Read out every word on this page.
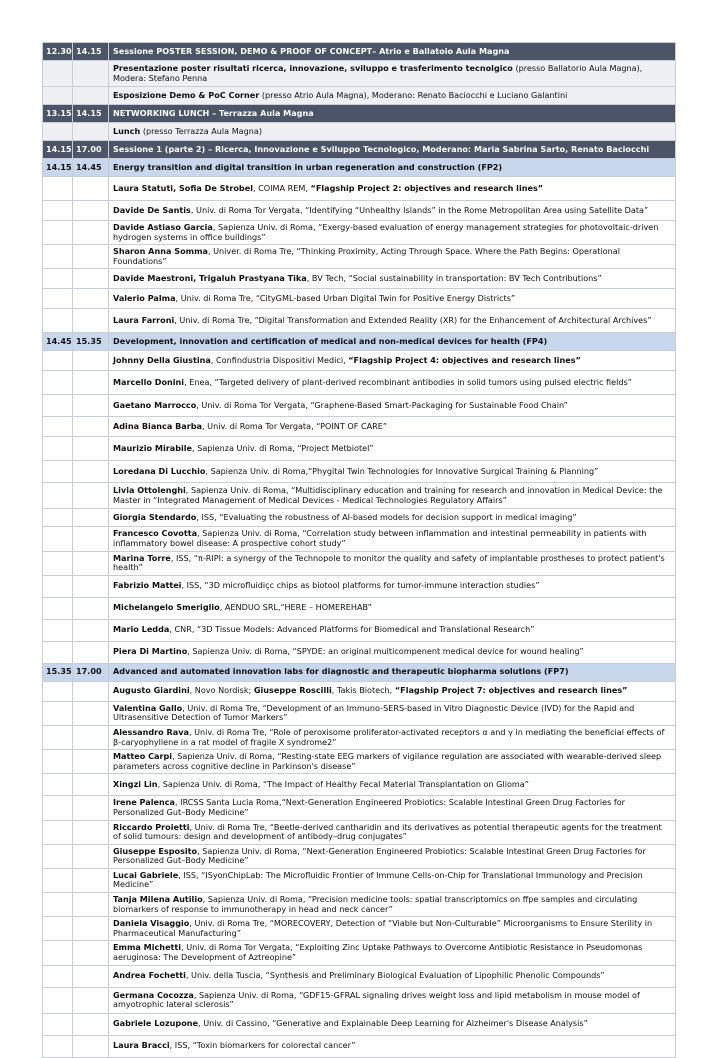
12.30	14.15	Sessione POSTER SESSION, DEMO & PROOF OF CONCEPT– Atrio e Ballatoio Aula Magna
		Presentazione poster risultati ricerca, innovazione, sviluppo e trasferimento tecnolgico (presso Ballatorio Aula Magna), Modera: Stefano Penna
		Esposizione Demo & PoC Corner (presso Atrio Aula Magna), Moderano: Renato Baciocchi e Luciano Galantini
13.15	14.15	NETWORKING LUNCH – Terrazza Aula Magna
		Lunch (presso Terrazza Aula Magna)
14.15	17.00	Sessione 1 (parte 2) – Ricerca, Innovazione e Sviluppo Tecnologico, Moderano: Maria Sabrina Sarto, Renato Baciocchi
14.15	14.45	Energy transition and digital transition in urban regeneration and construction (FP2)
		Laura Statuti, Sofia De Strobel, COIMA REM, “Flagship Project 2: objectives and research lines”
		Davide De Santis, Univ. di Roma Tor Vergata, “Identifying “Unhealthy Islands” in the Rome Metropolitan Area using Satellite Data”
		Davide Astiaso Garcia, Sapienza Univ. di Roma, “Exergy-based evaluation of energy management strategies for photovoltaic-driven hydrogen systems in office buildings”
		Sharon Anna Somma, Univer. di Roma Tre, “Thinking Proximity, Acting Through Space. Where the Path Begins: Operational Foundations”
		Davide Maestroni, Trigaluh Prastyana Tika, BV Tech, “Social sustainability in transportation: BV Tech Contributions”
		Valerio Palma, Univ. di Roma Tre, “CityGML-based Urban Digital Twin for Positive Energy Districts”
		Laura Farroni, Univ. di Roma Tre, “Digital Transformation and Extended Reality (XR) for the Enhancement of Architectural Archives”
14.45	15.35	Development, innovation and certification of medical and non-medical devices for health (FP4)
		Johnny Della Giustina, Confindustria Dispositivi Medici, “Flagship Project 4: objectives and research lines”
		Marcello Donini, Enea, “Targeted delivery of plant-derived recombinant antibodies in solid tumors using pulsed electric fields”
		Gaetano Marrocco, Univ. di Roma Tor Vergata, “Graphene-Based Smart-Packaging for Sustainable Food Chain”
		Adina Bianca Barba, Univ. di Roma Tor Vergata, “POINT OF CARE”
		Maurizio Mirabile, Sapienza Univ. di Roma, “Project Metbiotel”
		Loredana Di Lucchio, Sapienza Univ. di Roma,“Phygital Twin Technologies for Innovative Surgical Training & Planning”
		Livia Ottolenghi, Sapienza Univ. di Roma, “Multidisciplinary education and training for research and innovation in Medical Device: the Master in “Integrated Management of Medical Devices - Medical Technologies Regulatory Affairs”
		Giorgia Stendardo, ISS, “Evaluating the robustness of AI-based models for decision support in medical imaging”
		Francesco Covotta, Sapienza Univ. di Roma, “Correlation study between inflammation and intestinal permeability in patients with inflammatory bowel disease: A prospective cohort study”
		Marina Torre, ISS, “π-RIPI: a synergy of the Technopole to monitor the quality and safety of implantable prostheses to protect patient's health”
		Fabrizio Mattei, ISS, “3D microfluidiçc chips as biotool platforms for tumor-immune interaction studies”
		Michelangelo Smeriglio, AENDUO SRL,“HERE – HOMEREHAB”
		Mario Ledda, CNR, “3D Tissue Models: Advanced Platforms for Biomedical and Translational Research”
		Piera Di Martino, Sapienza Univ. di Roma, “SPYDE: an original multicompenent medical device for wound healing”
15.35	17.00	Advanced and automated innovation labs for diagnostic and therapeutic biopharma solutions (FP7)
		Augusto Giardini, Novo Nordisk; Giuseppe Roscilli, Takis Biotech, “Flagship Project 7: objectives and research lines”
		Valentina Gallo, Univ. di Roma Tre, “Development of an Immuno-SERS-based in Vitro Diagnostic Device (IVD) for the Rapid and Ultrasensitive Detection of Tumor Markers”
		Alessandro Rava, Univ. di Roma Tre, “Role of peroxisome proliferator-activated receptors α and γ in mediating the beneficial effects of β-caryophyllene in a rat model of fragile X syndrome2”
		Matteo Carpi, Sapienza Univ. di Roma, “Resting-state EEG markers of vigilance regulation are associated with wearable-derived sleep parameters across cognitive decline in Parkinson's disease”
		Xingzi Lin, Sapienza Univ. di Roma, “The Impact of Healthy Fecal Material Transplantation on Glioma”
		Irene Palenca, IRCSS Santa Lucia Roma,“Next-Generation Engineered Probiotics: Scalable Intestinal Green Drug Factories for Personalized Gut–Body Medicine”
		Riccardo Proietti, Univ. di Roma Tre, “Beetle-derived cantharidin and its derivatives as potential therapeutic agents for the treatment of solid tumours: design and development of antibody–drug conjugates”
		Giuseppe Esposito, Sapienza Univ. di Roma, “Next-Generation Engineered Probiotics: Scalable Intestinal Green Drug Factories for Personalized Gut–Body Medicine”
		Lucai Gabriele, ISS, “ISyonChipLab: The Microfluidic Frontier of Immune Cells-on-Chip for Translational Immunology and Precision Medicine”
		Tanja Milena Autilio, Sapienza Univ. di Roma, “Precision medicine tools: spatial transcriptomics on ffpe samples and circulating biomarkers of response to immunotherapy in head and neck cancer”
		Daniela Visaggio, Univ. di Roma Tre, “MORECOVERY, Detection of “Viable but Non-Culturable” Microorganisms to Ensure Sterility in Pharmaceutical Manufacturing”
		Emma Michetti, Univ. di Roma Tor Vergata, “Exploiting Zinc Uptake Pathways to Overcome Antibiotic Resistance in Pseudomonas aeruginosa: The Development of Aztreopine”
		Andrea Fochetti, Univ. della Tuscia, “Synthesis and Preliminary Biological Evaluation of Lipophilic Phenolic Compounds”
		Germana Cocozza, Sapienza Univ. di Roma, “GDF15-GFRAL signaling drives weight loss and lipid metabolism in mouse model of amyotrophic lateral sclerosis”
		Gabriele Lozupone, Univ. di Cassino, “Generative and Explainable Deep Learning for Alzheimer's Disease Analysis”
		Laura Bracci, ISS, “Toxin biomarkers for colorectal cancer”
